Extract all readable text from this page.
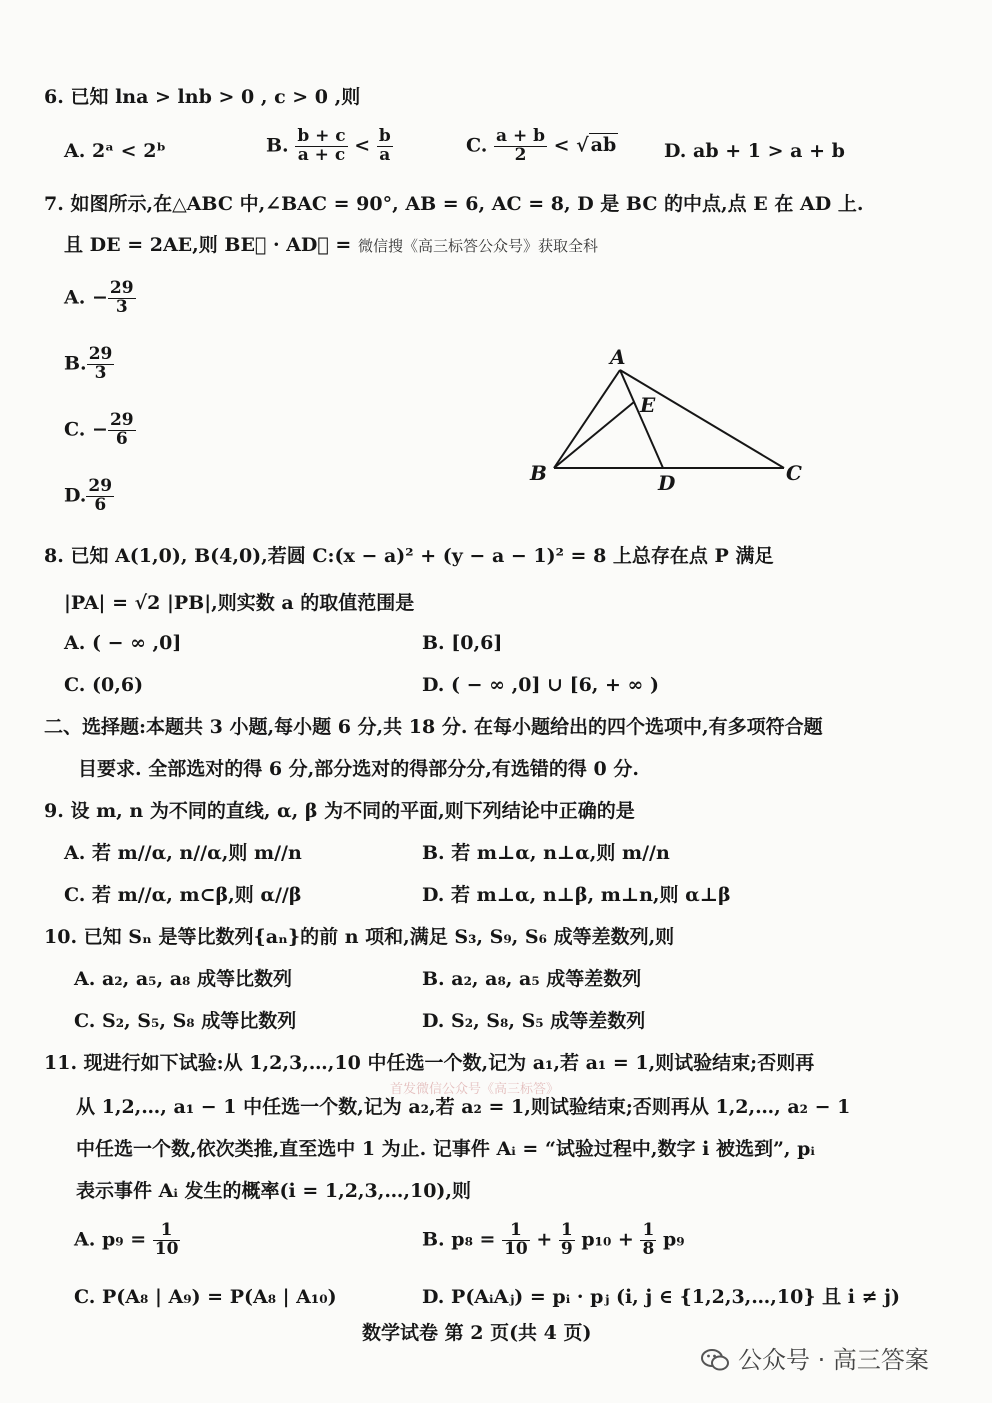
6. 已知 lna > lnb > 0 , c > 0 ,则
A. 2ᵃ < 2ᵇ	B. $\frac{b + c}{a + c} < \frac{b}{a}$	C. $\frac{a + b}{2}$ < √ ab	D. ab + 1 > a + b
7. 如图所示,在△ABC 中,∠BAC = 90°, AB = 6, AC = 8, D 是 BC 的中点,点 E 在 AD 上.
且 DE = 2AE,则 BE⃗ · AD⃗ = 微信搜《高三标答公众号》获取全科
A. − $\frac{29}{3}$
B. $\frac{29}{3}$
C. − $\frac{29}{6}$
D. $\frac{29}{6}$
A
E
B	D	C
8. 已知 A(1,0), B(4,0),若圆 C:(x − a)² + (y − a − 1)² = 8 上总存在点 P 满足
|PA| = √2 |PB|,则实数 a 的取值范围是
A. ( − ∞ ,0]	B. [0,6]
C. (0,6)	D. ( − ∞ ,0] ∪ [6, + ∞ )
二、选择题:本题共 3 小题,每小题 6 分,共 18 分. 在每小题给出的四个选项中,有多项符合题
目要求. 全部选对的得 6 分,部分选对的得部分分,有选错的得 0 分.
9. 设 m, n 为不同的直线, α, β 为不同的平面,则下列结论中正确的是
A. 若 m//α, n//α,则 m//n	B. 若 m⊥α, n⊥α,则 m//n
C. 若 m//α, m⊂β,则 α//β	D. 若 m⊥α, n⊥β, m⊥n,则 α⊥β
10. 已知 Sₙ 是等比数列{aₙ}的前 n 项和,满足 S₃, S₉, S₆ 成等差数列,则
A. a₂, a₅, a₈ 成等比数列	B. a₂, a₈, a₅ 成等差数列
C. S₂, S₅, S₈ 成等比数列	D. S₂, S₈, S₅ 成等差数列
11. 现进行如下试验:从 1,2,3,…,10 中任选一个数,记为 a₁,若 a₁ = 1,则试验结束;否则再
首发微信公众号《高三标答》
从 1,2,…, a₁ − 1 中任选一个数,记为 a₂,若 a₂ = 1,则试验结束;否则再从 1,2,…, a₂ − 1
中任选一个数,依次类推,直至选中 1 为止. 记事件 Aᵢ = “试验过程中,数字 i 被选到”, pᵢ
表示事件 Aᵢ 发生的概率(i = 1,2,3,…,10),则
A. $p_9 = \frac{1}{10}$	B. $p_8 = \frac{1}{10} + \frac{1}{9} p_{10} + \frac{1}{8} p_9$
C. P(A₈ | A₉) = P(A₈ | A₁₀)	D. P(AᵢAⱼ) = pᵢ · pⱼ (i, j ∈ {1,2,3,…,10} 且 i ≠ j)
数学试卷 第 2 页(共 4 页)
公众号 · 高三答案
